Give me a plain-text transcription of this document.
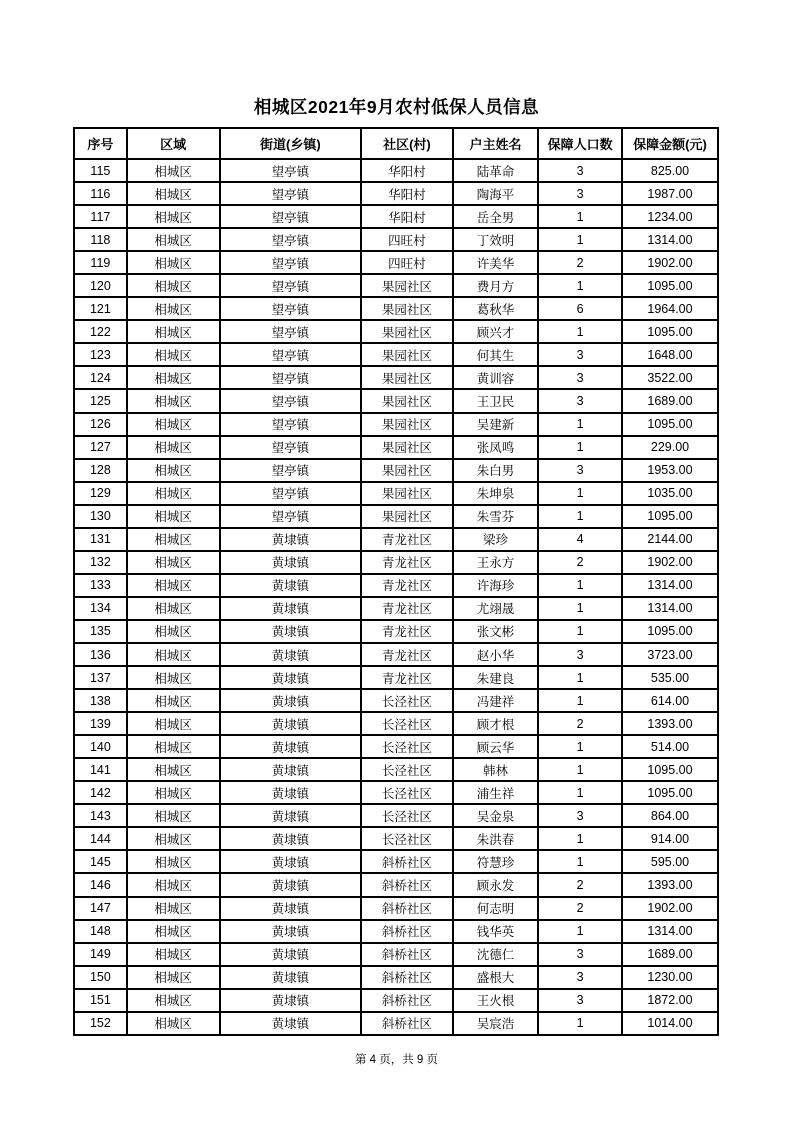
相城区2021年9月农村低保人员信息
序号	区域	街道(乡镇)	社区(村)	户主姓名	保障人口数	保障金额(元)
115	相城区	望亭镇	华阳村	陆革命	3	825.00
116	相城区	望亭镇	华阳村	陶海平	3	1987.00
117	相城区	望亭镇	华阳村	岳全男	1	1234.00
118	相城区	望亭镇	四旺村	丁效明	1	1314.00
119	相城区	望亭镇	四旺村	许美华	2	1902.00
120	相城区	望亭镇	果园社区	费月方	1	1095.00
121	相城区	望亭镇	果园社区	葛秋华	6	1964.00
122	相城区	望亭镇	果园社区	顾兴才	1	1095.00
123	相城区	望亭镇	果园社区	何其生	3	1648.00
124	相城区	望亭镇	果园社区	黄训容	3	3522.00
125	相城区	望亭镇	果园社区	王卫民	3	1689.00
126	相城区	望亭镇	果园社区	吴建新	1	1095.00
127	相城区	望亭镇	果园社区	张凤鸣	1	229.00
128	相城区	望亭镇	果园社区	朱白男	3	1953.00
129	相城区	望亭镇	果园社区	朱坤泉	1	1035.00
130	相城区	望亭镇	果园社区	朱雪芬	1	1095.00
131	相城区	黄埭镇	青龙社区	梁珍	4	2144.00
132	相城区	黄埭镇	青龙社区	王永方	2	1902.00
133	相城区	黄埭镇	青龙社区	许海珍	1	1314.00
134	相城区	黄埭镇	青龙社区	尤翊晟	1	1314.00
135	相城区	黄埭镇	青龙社区	张文彬	1	1095.00
136	相城区	黄埭镇	青龙社区	赵小华	3	3723.00
137	相城区	黄埭镇	青龙社区	朱建良	1	535.00
138	相城区	黄埭镇	长泾社区	冯建祥	1	614.00
139	相城区	黄埭镇	长泾社区	顾才根	2	1393.00
140	相城区	黄埭镇	长泾社区	顾云华	1	514.00
141	相城区	黄埭镇	长泾社区	韩林	1	1095.00
142	相城区	黄埭镇	长泾社区	浦生祥	1	1095.00
143	相城区	黄埭镇	长泾社区	吴金泉	3	864.00
144	相城区	黄埭镇	长泾社区	朱洪春	1	914.00
145	相城区	黄埭镇	斜桥社区	符慧珍	1	595.00
146	相城区	黄埭镇	斜桥社区	顾永发	2	1393.00
147	相城区	黄埭镇	斜桥社区	何志明	2	1902.00
148	相城区	黄埭镇	斜桥社区	钱华英	1	1314.00
149	相城区	黄埭镇	斜桥社区	沈德仁	3	1689.00
150	相城区	黄埭镇	斜桥社区	盛根大	3	1230.00
151	相城区	黄埭镇	斜桥社区	王火根	3	1872.00
152	相城区	黄埭镇	斜桥社区	吴宸浩	1	1014.00
第 4 页，共 9 页
